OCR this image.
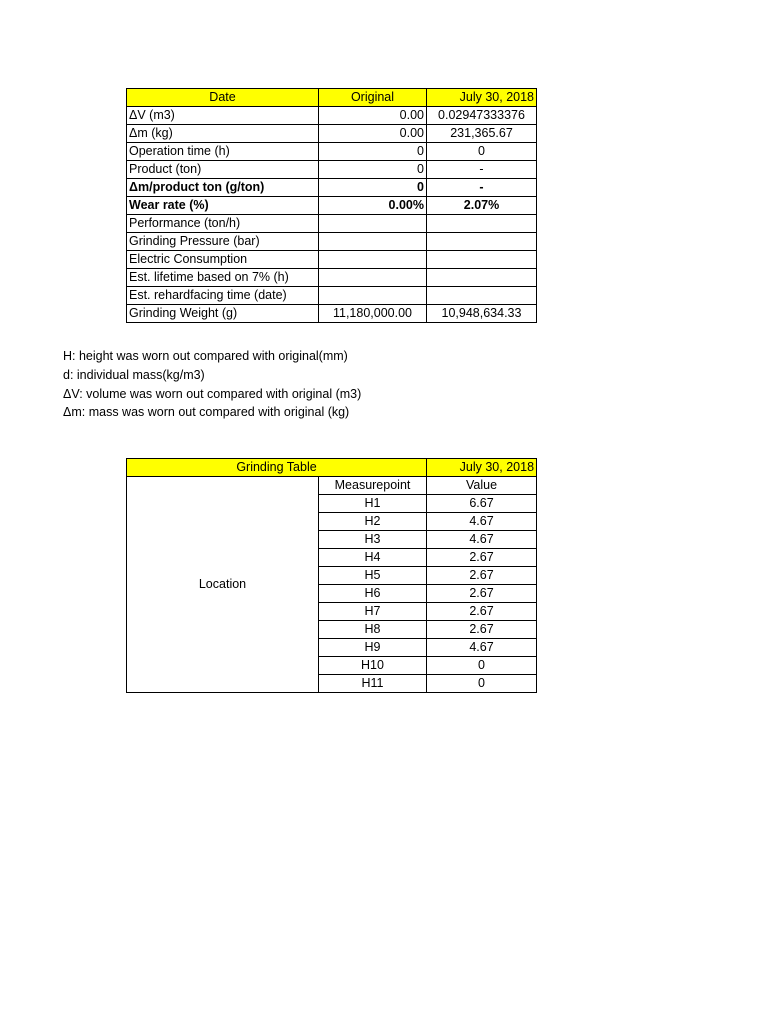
Date	Original	July 30, 2018
ΔV (m3)	0.00	0.02947333376
Δm (kg)	0.00	231,365.67
Operation time (h)	0	0
Product (ton)	0	-
Δm/product ton (g/ton)	0	-
Wear rate (%)	0.00%	2.07%
Performance (ton/h)		
Grinding Pressure (bar)		
Electric Consumption		
Est. lifetime based on 7% (h)		
Est. rehardfacing time (date)		
Grinding Weight (g)	11,180,000.00	10,948,634.33
H: height was worn out compared with original(mm)
d: individual mass(kg/m3)
ΔV: volume was worn out compared with original (m3)
Δm: mass was worn out compared with original (kg)
Grinding Table		July 30, 2018
Location	Measurepoint	Value
	H1	6.67
	H2	4.67
	H3	4.67
	H4	2.67
	H5	2.67
	H6	2.67
	H7	2.67
	H8	2.67
	H9	4.67
	H10	0
	H11	0
